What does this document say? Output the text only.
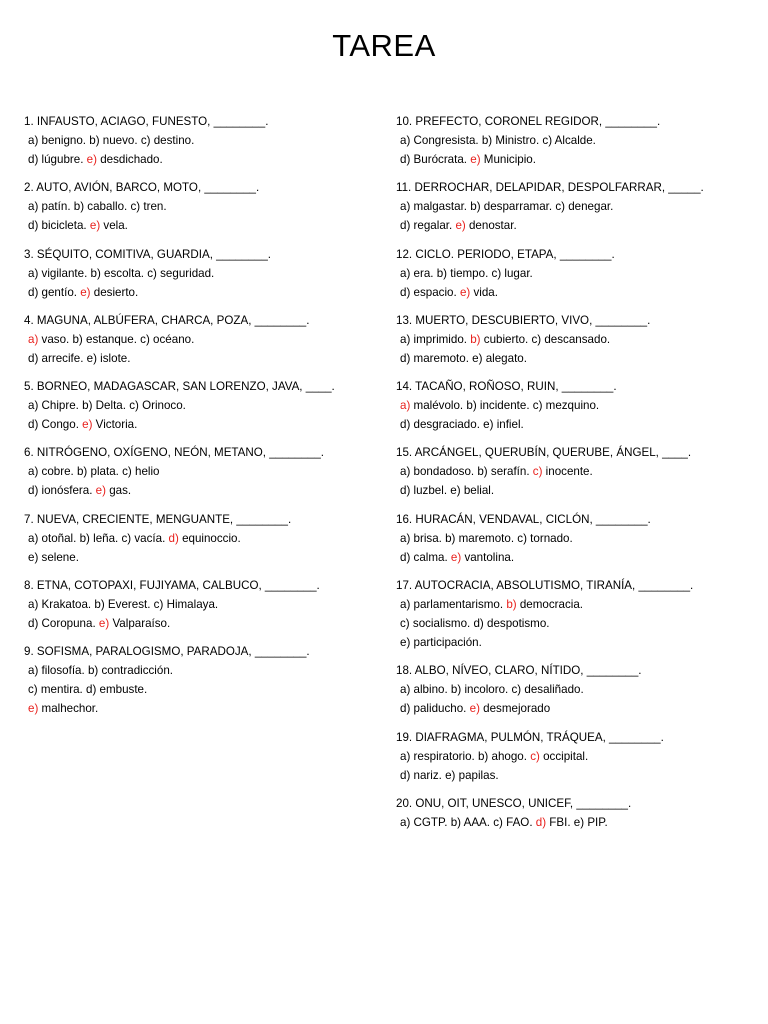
TAREA
1. INFAUSTO, ACIAGO, FUNESTO, ________.
a) benigno. b) nuevo. c) destino.
d) lúgubre. e) desdichado.
2. AUTO, AVIÓN, BARCO, MOTO, ________.
a) patín. b) caballo. c) tren.
d) bicicleta. e) vela.
3. SÉQUITO, COMITIVA, GUARDIA, ________.
a) vigilante. b) escolta. c) seguridad.
d) gentío. e) desierto.
4. MAGUNA, ALBÚFERA, CHARCA, POZA, ________.
a) vaso. b) estanque. c) océano.
d) arrecife. e) islote.
5. BORNEO, MADAGASCAR, SAN LORENZO, JAVA, ____.
a) Chipre. b) Delta. c) Orinoco.
d) Congo. e) Victoria.
6. NITRÓGENO, OXÍGENO, NEÓN, METANO, ________.
a) cobre. b) plata. c) helio
d) ionósfera. e) gas.
7. NUEVA, CRECIENTE, MENGUANTE, ________.
a) otoñal. b) leña. c) vacía. d) equinoccio.
e) selene.
8. ETNA, COTOPAXI, FUJIYAMA, CALBUCO, ________.
a) Krakatoa. b) Everest. c) Himalaya.
d) Coropuna. e) Valparaíso.
9. SOFISMA, PARALOGISMO, PARADOJA, ________.
a) filosofía. b) contradicción.
c) mentira. d) embuste.
e) malhechor.
10. PREFECTO, CORONEL REGIDOR, ________.
a) Congresista. b) Ministro. c) Alcalde.
d) Burócrata. e) Municipio.
11. DERROCHAR, DELAPIDAR, DESPOLFARRAR, _____.
a) malgastar. b) desparramar. c) denegar.
d) regalar. e) denostar.
12. CICLO. PERIODO, ETAPA, ________.
a) era. b) tiempo. c) lugar.
d) espacio. e) vida.
13. MUERTO, DESCUBIERTO, VIVO, ________.
a) imprimido. b) cubierto. c) descansado.
d) maremoto. e) alegato.
14. TACAÑO, ROÑOSO, RUIN, ________.
a) malévolo. b) incidente. c) mezquino.
d) desgraciado. e) infiel.
15. ARCÁNGEL, QUERUBÍN, QUERUBE, ÁNGEL, ____.
a) bondadoso. b) serafín. c) inocente.
d) luzbel. e) belial.
16. HURACÁN, VENDAVAL, CICLÓN, ________.
a) brisa. b) maremoto. c) tornado.
d) calma. e) vantolina.
17. AUTOCRACIA, ABSOLUTISMO, TIRANÍA, ________.
a) parlamentarismo. b) democracia.
c) socialismo. d) despotismo.
e) participación.
18. ALBO, NÍVEO, CLARO, NÍTIDO, ________.
a) albino. b) incoloro. c) desaliñado.
d) paliducho. e) desmejorado
19. DIAFRAGMA, PULMÓN, TRÁQUEA, ________.
a) respiratorio. b) ahogo. c) occipital.
d) nariz. e) papilas.
20. ONU, OIT, UNESCO, UNICEF, ________.
a) CGTP. b) AAA. c) FAO. d) FBI. e) PIP.
